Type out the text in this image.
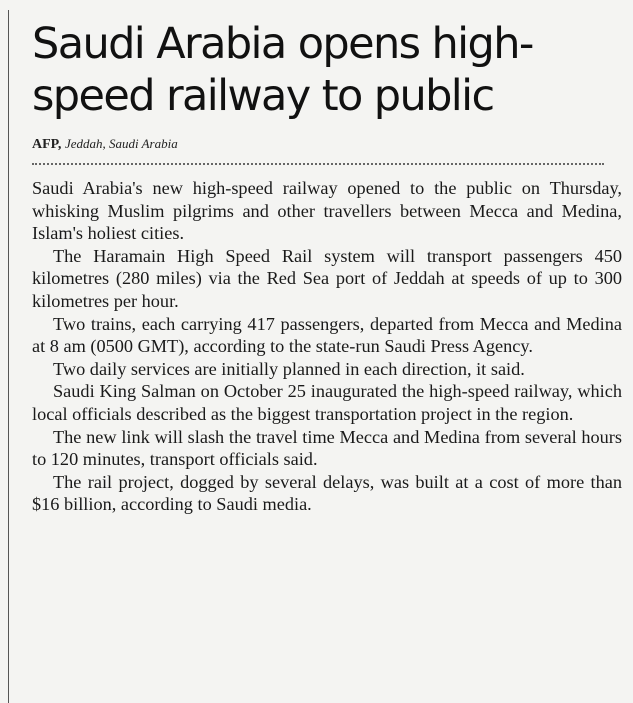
Saudi Arabia opens high-speed railway to public
AFP, Jeddah, Saudi Arabia

Saudi Arabia's new high-speed railway opened to the public on Thursday, whisking Muslim pilgrims and other travellers between Mecca and Medina, Islam's holiest cities.

The Haramain High Speed Rail system will transport passengers 450 kilometres (280 miles) via the Red Sea port of Jeddah at speeds of up to 300 kilometres per hour.

Two trains, each carrying 417 passengers, departed from Mecca and Medina at 8 am (0500 GMT), according to the state-run Saudi Press Agency.

Two daily services are initially planned in each direction, it said.

Saudi King Salman on October 25 inaugurated the high-speed railway, which local officials described as the biggest transportation project in the region.

The new link will slash the travel time Mecca and Medina from several hours to 120 minutes, transport officials said.

The rail project, dogged by several delays, was built at a cost of more than $16 billion, according to Saudi media.
